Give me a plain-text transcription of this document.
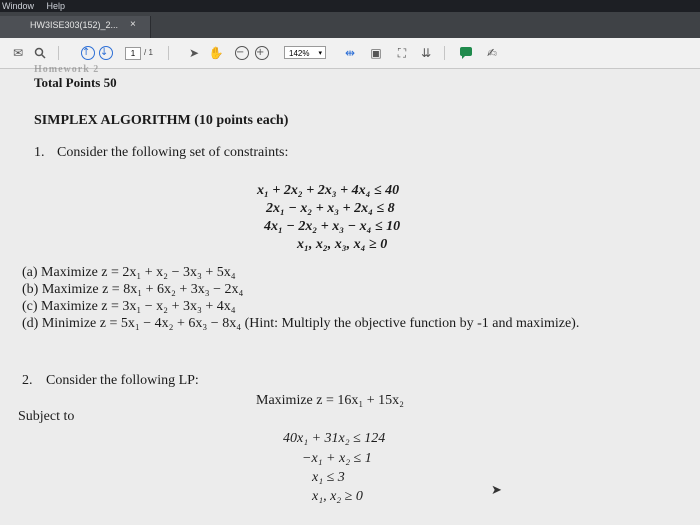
Window Help
HW3ISE303(152)_2... ×
✉	↑ ↓	1	/ 1	➤ ✋ −	+	142% ▾ ⇹ ▣	⛶	⇊	✍
Homework 2
Total Points 50
SIMPLEX ALGORITHM (10 points each)
1. Consider the following set of constraints:
x₁ + 2x₂ + 2x₃ + 4x₄ ≤ 40
2x₁ − x₂ + x₃ + 2x₄ ≤ 8
4x₁ − 2x₂ + x₃ − x₄ ≤ 10
x₁, x₂, x₃, x₄ ≥ 0
(a) Maximize z = 2x₁ + x₂ − 3x₃ + 5x₄
(b) Maximize z = 8x₁ + 6x₂ + 3x₃ − 2x₄
(c) Maximize z = 3x₁ − x₂ + 3x₃ + 4x₄
(d) Minimize z = 5x₁ − 4x₂ + 6x₃ − 8x₄ (Hint: Multiply the objective function by -1 and maximize).
2. Consider the following LP:
Maximize z = 16x₁ + 15x₂
Subject to
40x₁ + 31x₂ ≤ 124
−x₁ + x₂ ≤ 1
x₁ ≤ 3
x₁, x₂ ≥ 0	➤
